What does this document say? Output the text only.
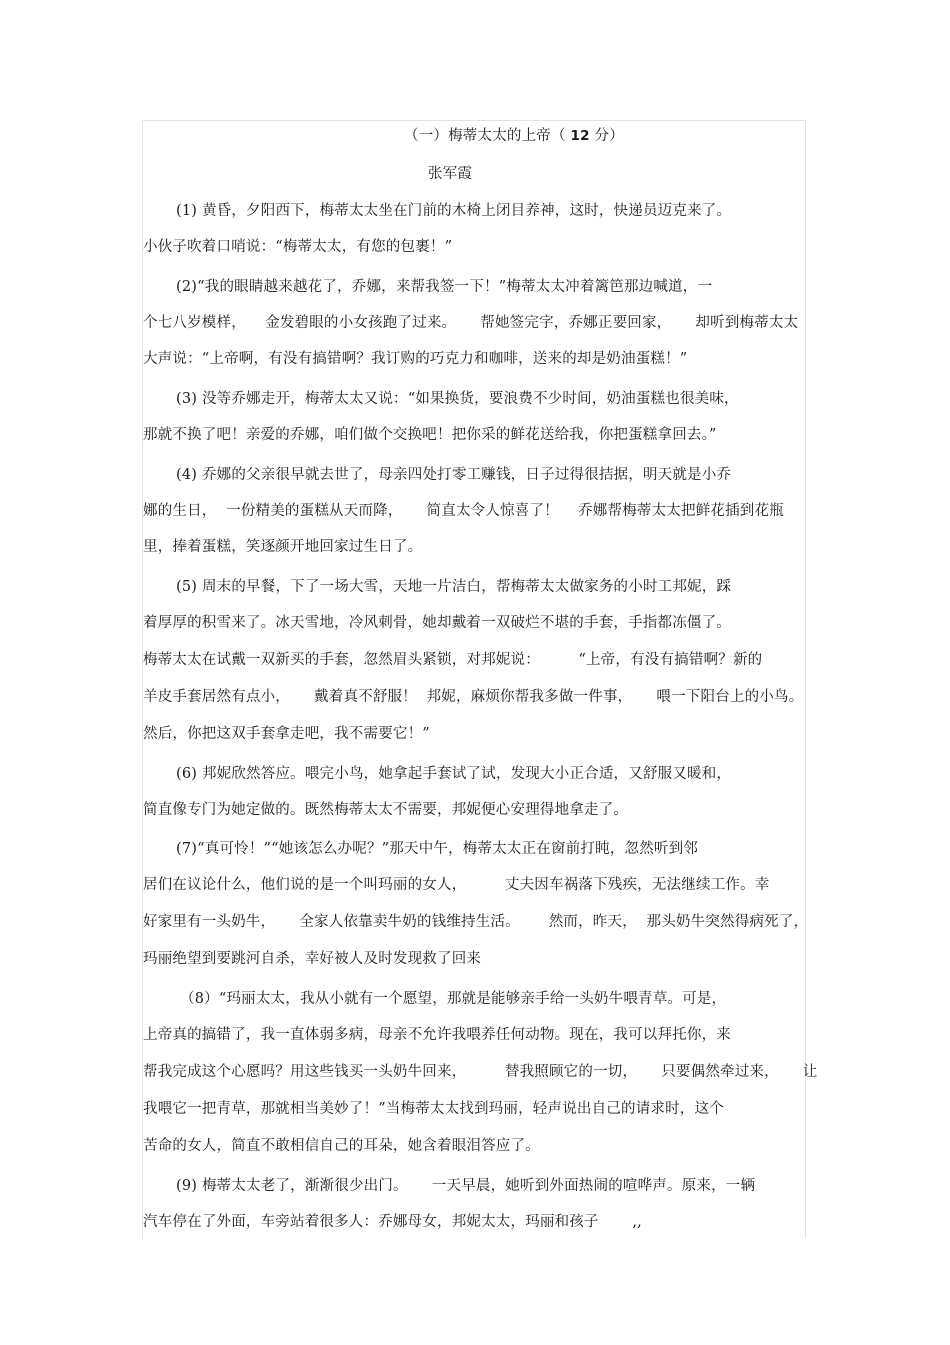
（一）梅蒂太太的上帝（ 12 分）
张军霞
(1) 黄昏，夕阳西下，梅蒂太太坐在门前的木椅上闭目养神，这时，快递员迈克来了。
小伙子吹着口哨说：“梅蒂太太，有您的包裹！”
(2)“我的眼睛越来越花了，乔娜，来帮我签一下！”梅蒂太太冲着篱笆那边喊道，一
个七八岁模样，    金发碧眼的小女孩跑了过来。     帮她签完字，乔娜正要回家，     却听到梅蒂太太
大声说：“上帝啊，有没有搞错啊？我订购的巧克力和咖啡，送来的却是奶油蛋糕！”
(3) 没等乔娜走开，梅蒂太太又说：“如果换货，要浪费不少时间，奶油蛋糕也很美味，
那就不换了吧！亲爱的乔娜，咱们做个交换吧！把你采的鲜花送给我，你把蛋糕拿回去。”
(4) 乔娜的父亲很早就去世了，母亲四处打零工赚钱，日子过得很拮据，明天就是小乔
娜的生日，  一份精美的蛋糕从天而降，     简直太令人惊喜了！    乔娜帮梅蒂太太把鲜花插到花瓶
里，捧着蛋糕，笑逐颜开地回家过生日了。
(5) 周末的早餐，下了一场大雪，天地一片洁白，帮梅蒂太太做家务的小时工邦妮，踩
着厚厚的积雪来了。冰天雪地，冷风刺骨，她却戴着一双破烂不堪的手套，手指都冻僵了。
梅蒂太太在试戴一双新买的手套，忽然眉头紧锁，对邦妮说：        “上帝，有没有搞错啊？新的
羊皮手套居然有点小，     戴着真不舒服！  邦妮，麻烦你帮我多做一件事，     喂一下阳台上的小鸟。
然后，你把这双手套拿走吧，我不需要它！”
(6) 邦妮欣然答应。喂完小鸟，她拿起手套试了试，发现大小正合适，又舒服又暖和，
简直像专门为她定做的。既然梅蒂太太不需要，邦妮便心安理得地拿走了。
(7)“真可怜！”“她该怎么办呢？”那天中午，梅蒂太太正在窗前打盹，忽然听到邻
居们在议论什么，他们说的是一个叫玛丽的女人，        丈夫因车祸落下残疾，无法继续工作。幸
好家里有一头奶牛，     全家人依靠卖牛奶的钱维持生活。      然而，昨天，  那头奶牛突然得病死了，
玛丽绝望到要跳河自杀，幸好被人及时发现救了回来
（8）“玛丽太太，我从小就有一个愿望，那就是能够亲手给一头奶牛喂青草。可是，
上帝真的搞错了，我一直体弱多病，母亲不允许我喂养任何动物。现在，我可以拜托你，来
帮我完成这个心愿吗？用这些钱买一头奶牛回来，        替我照顾它的一切，     只要偶然牵过来，     让
我喂它一把青草，那就相当美妙了！”当梅蒂太太找到玛丽，轻声说出自己的请求时，这个
苦命的女人，简直不敢相信自己的耳朵，她含着眼泪答应了。
(9) 梅蒂太太老了，渐渐很少出门。     一天早晨，她听到外面热闹的喧哗声。原来，一辆
汽车停在了外面，车旁站着很多人：乔娜母女，邦妮太太，玛丽和孩子       ,,
